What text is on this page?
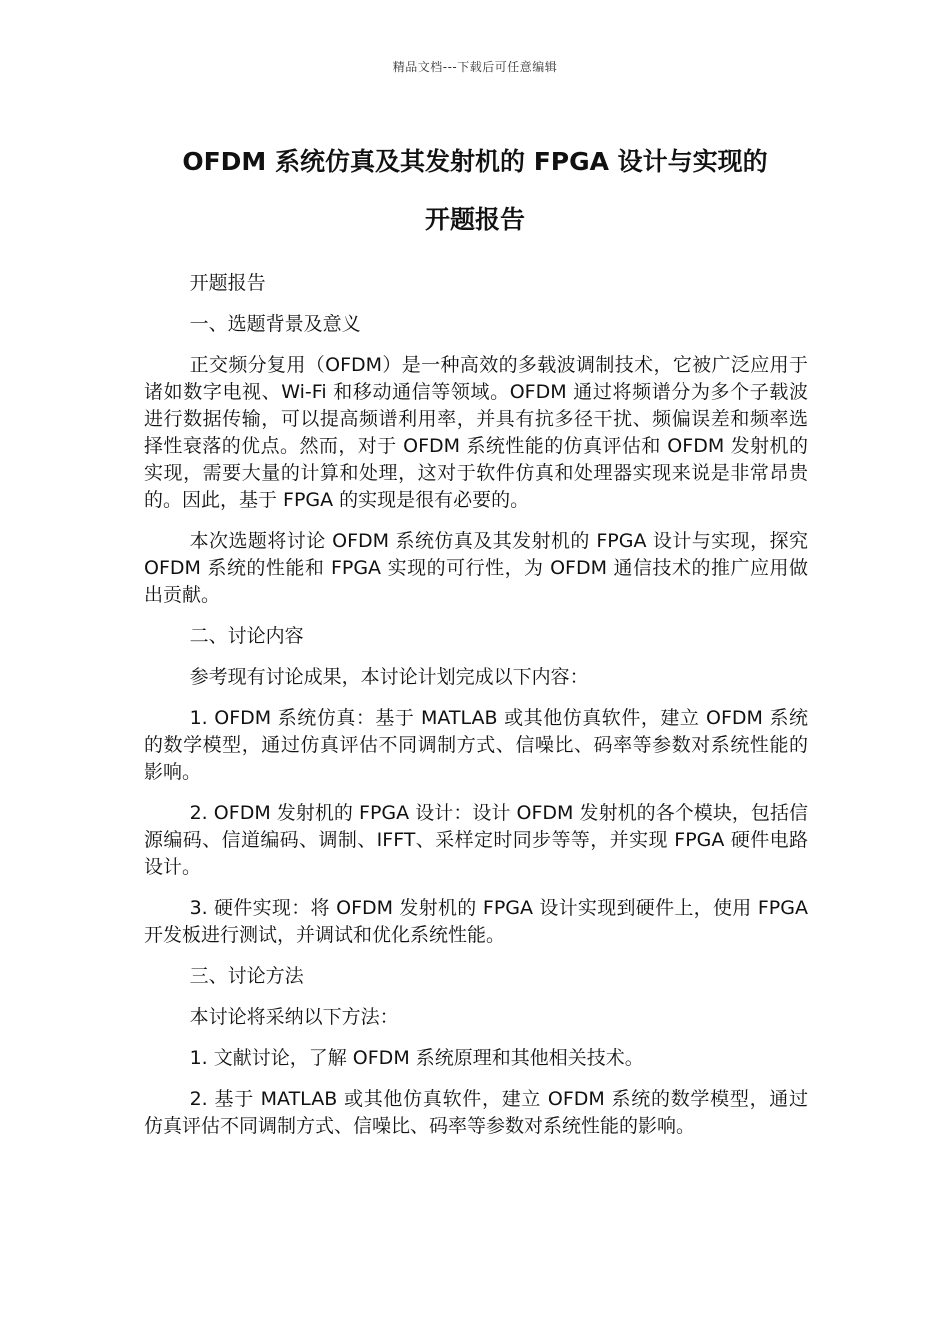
精品文档---下载后可任意编辑
OFDM 系统仿真及其发射机的 FPGA 设计与实现的
开题报告

开题报告

一、选题背景及意义

正交频分复用（OFDM）是一种高效的多载波调制技术，它被广泛应用于诸如数字电视、Wi-Fi 和移动通信等领域。OFDM 通过将频谱分为多个子载波进行数据传输，可以提高频谱利用率，并具有抗多径干扰、频偏误差和频率选择性衰落的优点。然而，对于 OFDM 系统性能的仿真评估和 OFDM 发射机的实现，需要大量的计算和处理，这对于软件仿真和处理器实现来说是非常昂贵的。因此，基于 FPGA 的实现是很有必要的。

本次选题将讨论 OFDM 系统仿真及其发射机的 FPGA 设计与实现，探究 OFDM 系统的性能和 FPGA 实现的可行性，为 OFDM 通信技术的推广应用做出贡献。

二、讨论内容

参考现有讨论成果，本讨论计划完成以下内容：

1. OFDM 系统仿真：基于 MATLAB 或其他仿真软件，建立 OFDM 系统的数学模型，通过仿真评估不同调制方式、信噪比、码率等参数对系统性能的影响。

2. OFDM 发射机的 FPGA 设计：设计 OFDM 发射机的各个模块，包括信源编码、信道编码、调制、IFFT、采样定时同步等等，并实现 FPGA 硬件电路设计。

3. 硬件实现：将 OFDM 发射机的 FPGA 设计实现到硬件上，使用 FPGA 开发板进行测试，并调试和优化系统性能。

三、讨论方法

本讨论将采纳以下方法：

1. 文献讨论，了解 OFDM 系统原理和其他相关技术。

2. 基于 MATLAB 或其他仿真软件，建立 OFDM 系统的数学模型，通过仿真评估不同调制方式、信噪比、码率等参数对系统性能的影响。
